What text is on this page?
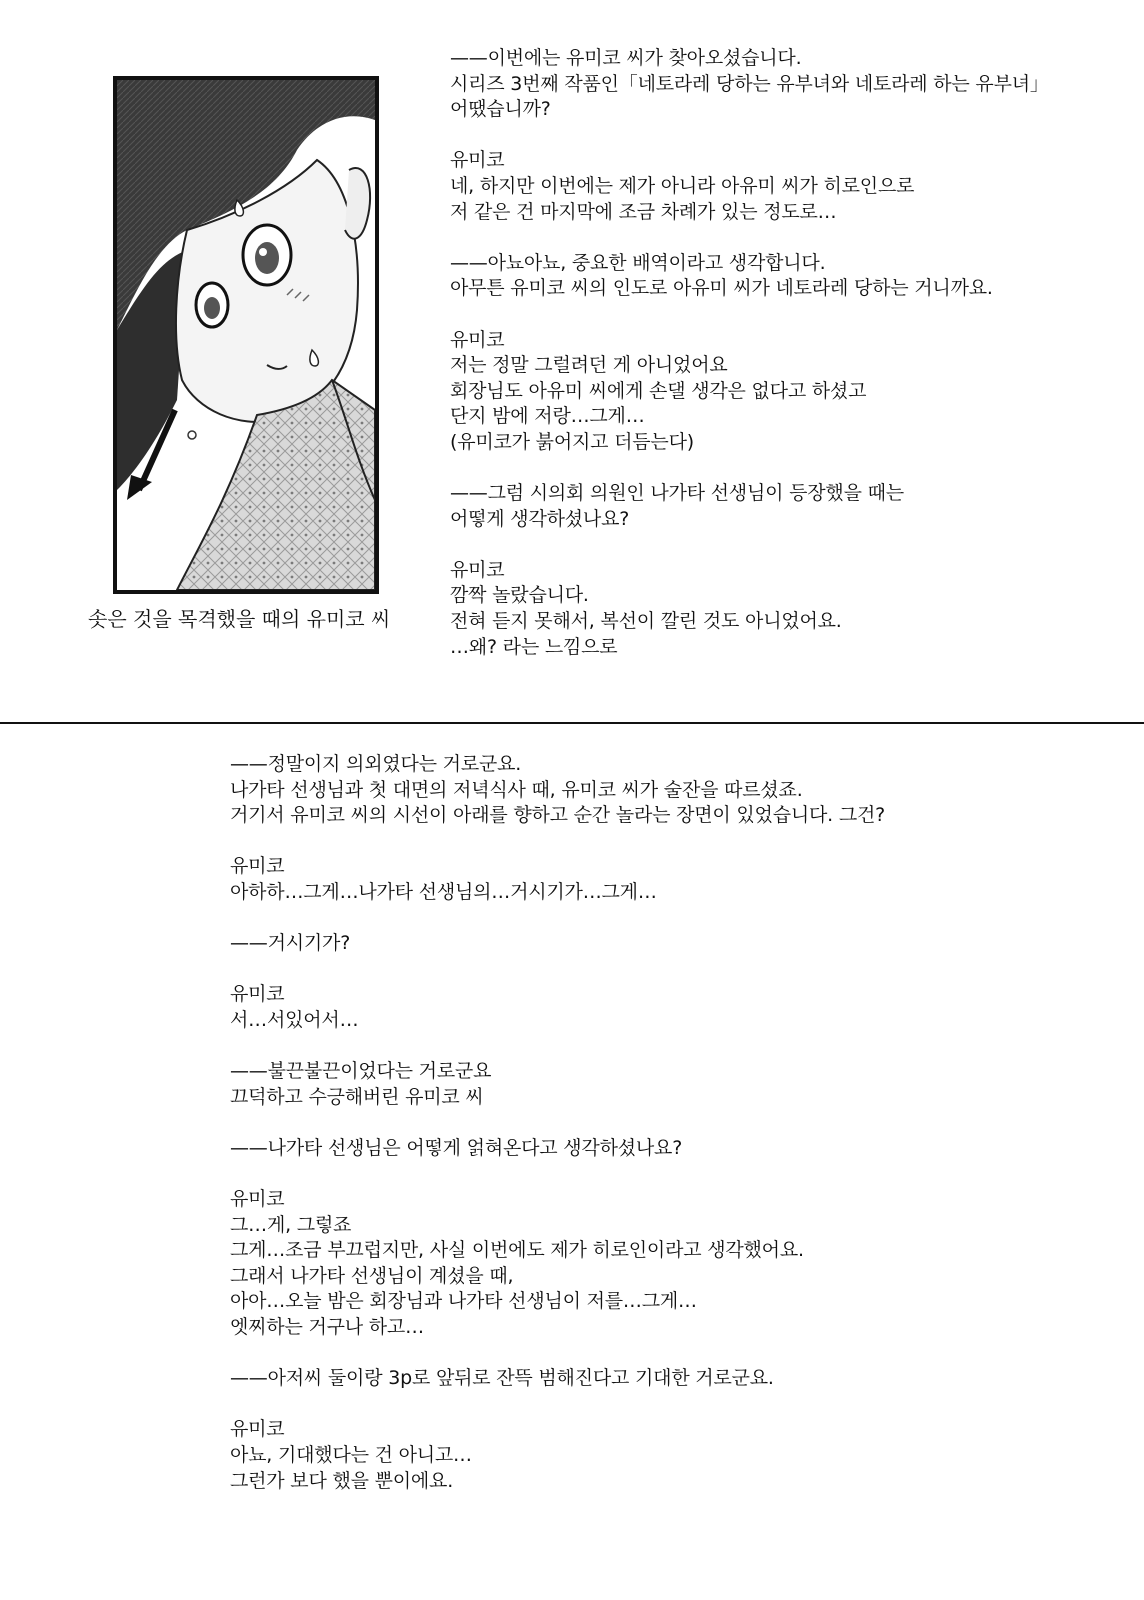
솟은 것을 목격했을 때의 유미코 씨
——이번에는 유미코 씨가 찾아오셨습니다.
시리즈 3번째 작품인「네토라레 당하는 유부녀와 네토라레 하는 유부녀」
어땠습니까?
유미코
네, 하지만 이번에는 제가 아니라 아유미 씨가 히로인으로
저 같은 건 마지막에 조금 차례가 있는 정도로…
——아뇨아뇨, 중요한 배역이라고 생각합니다.
아무튼 유미코 씨의 인도로 아유미 씨가 네토라레 당하는 거니까요.
유미코
저는 정말 그럴려던 게 아니었어요
회장님도 아유미 씨에게 손댈 생각은 없다고 하셨고
단지 밤에 저랑…그게…
(유미코가 붉어지고 더듬는다)
——그럼 시의회 의원인 나가타 선생님이 등장했을 때는
어떻게 생각하셨나요?
유미코
깜짝 놀랐습니다.
전혀 듣지 못해서, 복선이 깔린 것도 아니었어요.
…왜? 라는 느낌으로
——정말이지 의외였다는 거로군요.
나가타 선생님과 첫 대면의 저녁식사 때, 유미코 씨가 술잔을 따르셨죠.
거기서 유미코 씨의 시선이 아래를 향하고 순간 놀라는 장면이 있었습니다. 그건?
유미코
아하하…그게…나가타 선생님의…거시기가…그게…
——거시기가?
유미코
서…서있어서…
——불끈불끈이었다는 거로군요
끄덕하고 수긍해버린 유미코 씨
——나가타 선생님은 어떻게 얽혀온다고 생각하셨나요?
유미코
그…게, 그렇죠
그게…조금 부끄럽지만, 사실 이번에도 제가 히로인이라고 생각했어요.
그래서 나가타 선생님이 계셨을 때,
아아…오늘 밤은 회장님과 나가타 선생님이 저를…그게…
엣찌하는 거구나 하고…
——아저씨 둘이랑 3p로 앞뒤로 잔뜩 범해진다고 기대한 거로군요.
유미코
아뇨, 기대했다는 건 아니고…
그런가 보다 했을 뿐이에요.
